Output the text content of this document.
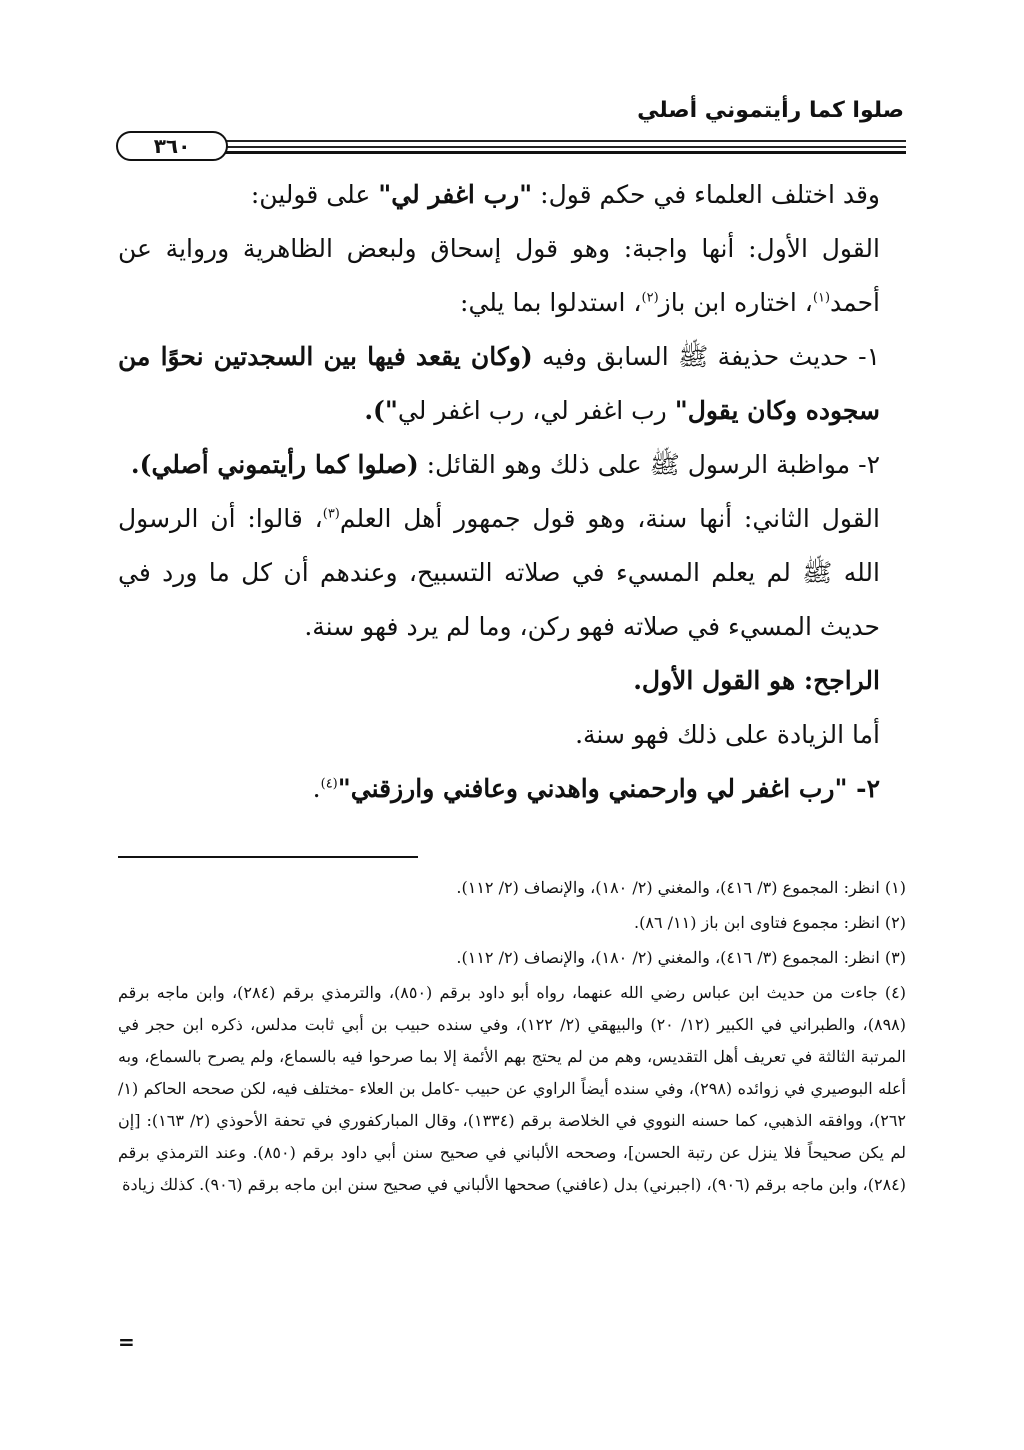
صلوا كما رأيتموني أصلي
٣٦٠

وقد اختلف العلماء في حكم قول: "رب اغفر لي" على قولين:

القول الأول: أنها واجبة: وهو قول إسحاق ولبعض الظاهرية ورواية عن أحمد$^{(١)}$، اختاره ابن باز$^{(٢)}$، استدلوا بما يلي:

١- حديث حذيفة ﷺ السابق وفيه (وكان يقعد فيها بين السجدتين نحوًا من سجوده وكان يقول" رب اغفر لي، رب اغفر لي").

٢- مواظبة الرسول ﷺ على ذلك وهو القائل: (صلوا كما رأيتموني أصلي).

القول الثاني: أنها سنة، وهو قول جمهور أهل العلم$^{(٣)}$، قالوا: أن الرسول الله ﷺ لم يعلم المسيء في صلاته التسبيح، وعندهم أن كل ما ورد في حديث المسيء في صلاته فهو ركن، وما لم يرد فهو سنة.

الراجح: هو القول الأول.

أما الزيادة على ذلك فهو سنة.

٢- "رب اغفر لي وارحمني واهدني وعافني وارزقني"$^{(٤)}$.

(١) انظر: المجموع (٣/ ٤١٦)، والمغني (٢/ ١٨٠)، والإنصاف (٢/ ١١٢).

(٢) انظر: مجموع فتاوى ابن باز (١١/ ٨٦).

(٣) انظر: المجموع (٣/ ٤١٦)، والمغني (٢/ ١٨٠)، والإنصاف (٢/ ١١٢).

(٤) جاءت من حديث ابن عباس رضي الله عنهما، رواه أبو داود برقم (٨٥٠)، والترمذي برقم (٢٨٤)، وابن ماجه برقم (٨٩٨)، والطبراني في الكبير (١٢/ ٢٠) والبيهقي (٢/ ١٢٢)، وفي سنده حبيب بن أبي ثابت مدلس، ذكره ابن حجر في المرتبة الثالثة في تعريف أهل التقديس، وهم من لم يحتج بهم الأئمة إلا بما صرحوا فيه بالسماع، ولم يصرح بالسماع، وبه أعله البوصيري في زوائده (٢٩٨)، وفي سنده أيضاً الراوي عن حبيب -كامل بن العلاء -مختلف فيه، لكن صححه الحاكم (١/ ٢٦٢)، ووافقه الذهبي، كما حسنه النووي في الخلاصة برقم (١٣٣٤)، وقال المباركفوري في تحفة الأحوذي (٢/ ١٦٣): [إن لم يكن صحيحاً فلا ينزل عن رتبة الحسن]، وصححه الألباني في صحيح سنن أبي داود برقم (٨٥٠). وعند الترمذي برقم (٢٨٤)، وابن ماجه برقم (٩٠٦)، (اجبرني) بدل (عافني) صححها الألباني في صحيح سنن ابن ماجه برقم (٩٠٦). كذلك زيادة

=
